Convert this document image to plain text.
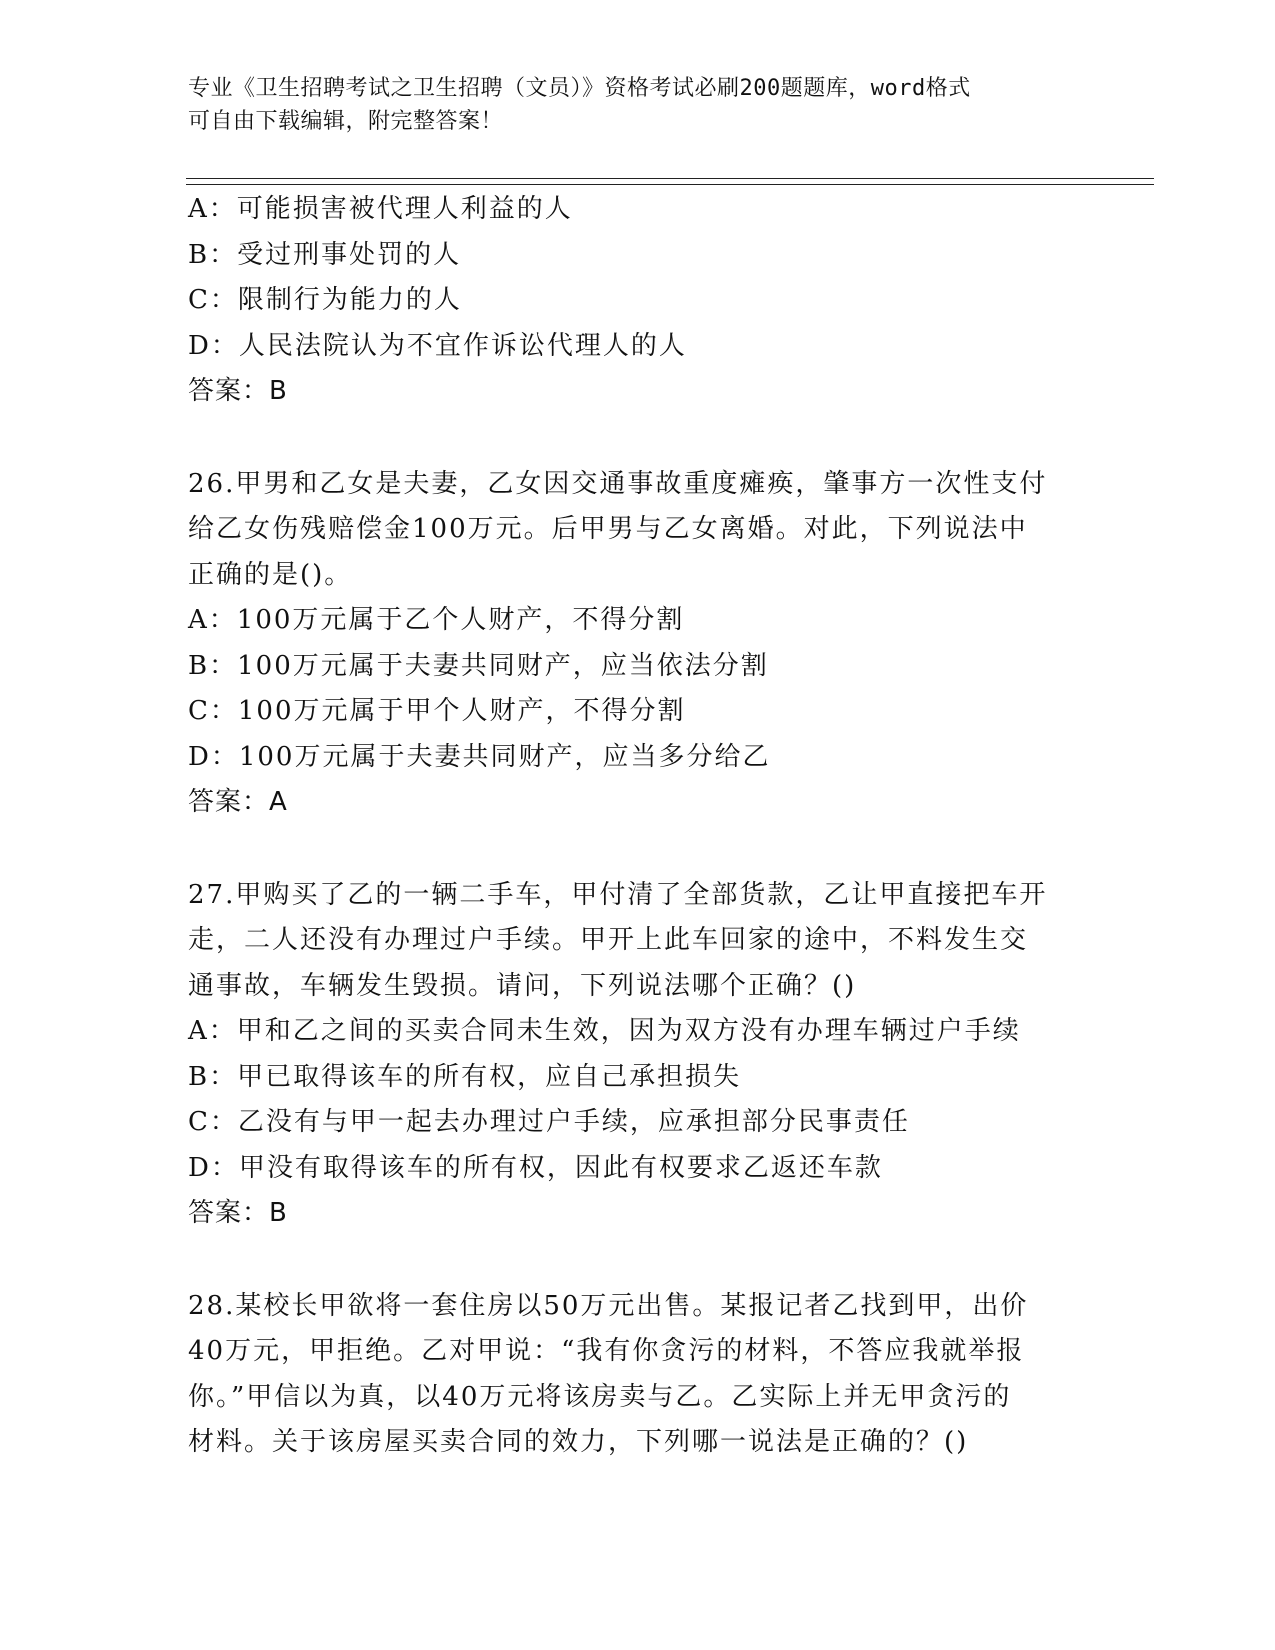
专业《卫生招聘考试之卫生招聘（文员）》资格考试必刷200题题库，word格式
可自由下载编辑，附完整答案！
A：可能损害被代理人利益的人
B：受过刑事处罚的人
C：限制行为能力的人
D：人民法院认为不宜作诉讼代理人的人
答案：B
26.甲男和乙女是夫妻，乙女因交通事故重度瘫痪，肇事方一次性支付
给乙女伤残赔偿金100万元。后甲男与乙女离婚。对此，下列说法中
正确的是()。
A：100万元属于乙个人财产，不得分割
B：100万元属于夫妻共同财产，应当依法分割
C：100万元属于甲个人财产，不得分割
D：100万元属于夫妻共同财产，应当多分给乙
答案：A
27.甲购买了乙的一辆二手车，甲付清了全部货款，乙让甲直接把车开
走，二人还没有办理过户手续。甲开上此车回家的途中，不料发生交
通事故，车辆发生毁损。请问，下列说法哪个正确？()
A：甲和乙之间的买卖合同未生效，因为双方没有办理车辆过户手续
B：甲已取得该车的所有权，应自己承担损失
C：乙没有与甲一起去办理过户手续，应承担部分民事责任
D：甲没有取得该车的所有权，因此有权要求乙返还车款
答案：B
28.某校长甲欲将一套住房以50万元出售。某报记者乙找到甲，出价
40万元，甲拒绝。乙对甲说：“我有你贪污的材料，不答应我就举报
你。”甲信以为真，以40万元将该房卖与乙。乙实际上并无甲贪污的
材料。关于该房屋买卖合同的效力，下列哪一说法是正确的？()
